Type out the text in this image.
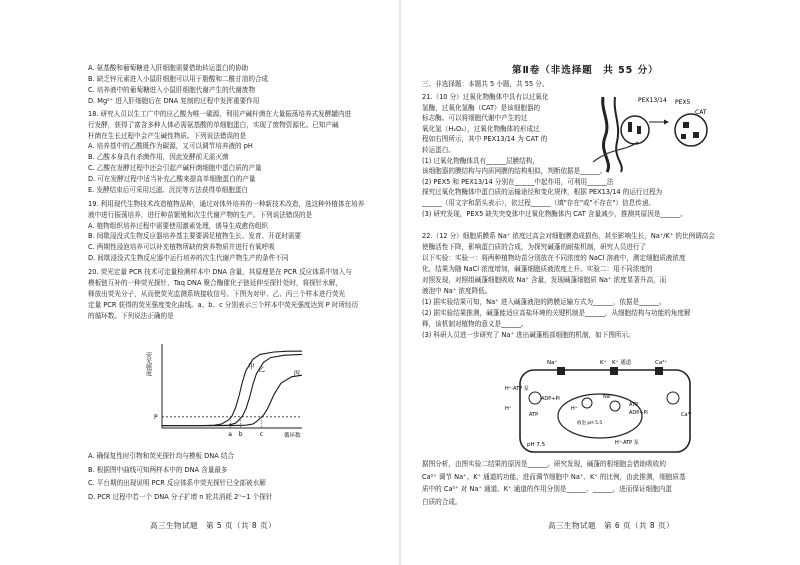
A. 氨基酸和葡萄糖进入肝细胞需要借助转运蛋白的协助
B. 缺乏锌元素进入小鼠肝细胞可以用于脂酸和二酰甘油的合成
C. 培养液中的葡萄糖进入小鼠肝细胞代谢产生的代谢废物
D. Mg²⁺ 进入肝细胞后在 DNA 复制的过程中发挥重要作用
18. 研究人员以生工广中的应乙酸为唯一碳源，利用产碱杆菌在大量振荡培养式发酵罐内进
行发酵，获得了富含多种人体必需氨基酸的单细胞蛋白，实现了废物资源化。已知产碱
杆菌在生长过程中会产生碱性物质。下列说法错误的是
A. 培养基中的乙酸既作为碳源，又可以调节培养液的 pH
B. 乙酸本身具有杀菌作用，因此发酵前无需灭菌
C. 乙酸在发酵过程中还会引起产碱杆菌细胞中蛋白质的产量
D. 可在发酵过程中适当补充乙酸来提高单细胞蛋白的产量
E. 发酵结束后可采用过滤、沉淀等方法获得单细胞蛋白
19. 利用现代生物技术改造植物品种，通过对体外培养的一种新技术改造，选这种外植体在培养
液中进行振荡培养，进行种苗繁殖和次生代谢产物的生产。下列说法错误的是
A. 植物组织培养过程中需要使用激素处理，诱导生成愈伤组织
B. 间歇浸没式生物反应器培养基主要要满足植物生长、发育、开花时需要
C. 两期性浸泡培养可以补充植物所缺的营养物质并进行有氧呼吸
D. 间歇浸没式生物反应器中运行培养的次生代谢产物生产的条件不同
20. 荧光定量 PCR 技术可定量检测样本中 DNA 含量，其原理是在 PCR 反应体系中加入与
模板链互补的一种荧光探针，Taq DNA 聚合酶催化子链延伸至探针处时，将探针水解，
释放出荧光分子，从而使荧光监测系统接收信号。下图为对甲、乙、丙三个样本进行荧光
定量 PCR 获得的荧光强度变化曲线。a、b、c 分别表示三个样本中荧光强度达到 P 时所经历
的循环数。下列说法正确的是
A. 确保复性时引物和荧光探针均与模板 DNA 结合
B. 根据图中曲线可知两样本中的 DNA 含量最多
C. 平台期的出现说明 PCR 反应体系中荧光探针已全部被水解
D. PCR 过程中若一个 DNA 分子扩增 n 轮共消耗 2ⁿ−1 个探针
第Ⅱ卷（非选择题　共 55 分）
三、非选择题：本题共 5 小题，共 55 分。
21.（10 分）过氧化物酶体中具有以过氧化
氢酶，过氧化氢酶（CAT）是该细胞器的
标志酶。可以将细胞代谢中产生的过
氧化氢（H₂O₂），过氧化物酶体的形成过
程如右图所示，其中 PEX13/14 为 CAT 的
转运蛋白。
(1) 过氧化物酶体具有______层膜结构，
该细胞器的膜结构与内质网膜的结构相似，判断依据是______。
(2) PEX5 和 PEX13/14 分别在______中起作用，可利用______法
探究过氧化物酶体中蛋白质的运输途径和变化规律，根据 PEX13/14 的运行过程为
______（用文字和箭头表示），依过程______（填"存在"或"不存在"）信息传递。
(3) 研究发现，PEX5 缺失突变体中过氧化物酶体内 CAT 含量减少，推测其原因是______。
22.（12 分）细胞质膜系 Na⁺ 浓度过高会对细胞膜造成损伤，甚至影响生长，Na⁺/K⁺ 的比例调高会
使酶活性下降，影响蛋白质的合成，为探究碱蓬的耐盐机制，研究人员进行了
以下实验：实验一：将两种植物幼苗分别放在不同浓度的 NaCl 溶液中，测定细胞质液浓度
化，结果为随 NaCl 浓度增加，碱蓬细胞质液浓度上升。实验二：用不同浓度的
对照发现，对照组碱蓬细胞吸收 Na⁺ 含量，发现碱蓬细胞质 Na⁺ 浓度显著升高，而
液泡中 Na⁺ 浓度降低。
(1) 据实验结果可知，Na⁺ 进入碱蓬液泡的跨膜运输方式为______，依据是______。
(2) 据实验结果推测，碱蓬能适应高盐环境的关键机制是______，从细胞结构与功能的角度解
释，该机制对植物的意义是______。
(3) 科研人员进一步研究了 Na⁺ 进出碱蓬根部细胞的机制，如下图所示。
据图分析，由图实验二结果的原因是______。研究发现，碱蓬的根细胞会借助吸收的
Ca²⁺ 调节 Na⁺、K⁺ 通道的功能，进而调节细胞中 Na⁺、K⁺ 的比例，由此推测，细胞质基
质中的 Ca²⁺ 对 Na⁺ 通道、K⁺ 通道的作用分别是______、______，进而保证细胞内蛋
白质的合成。
P
荧光强度
循环数
a b	c
甲 乙	丙
PEX13/14 PEX5
CAT
Na⁺	K⁺　K⁺ 通道	Ca²⁺
H⁺-ATP 泵
ADP+Pi
H⁺
ATP
液泡 pH 5.5
pH 7.5
ATP
ADP+Pi
H⁺
Na⁺
H⁺-ATP 泵
Ca²⁺
高三生物试题　第 5 页（共 8 页）	高三生物试题　第 6 页（共 8 页）
